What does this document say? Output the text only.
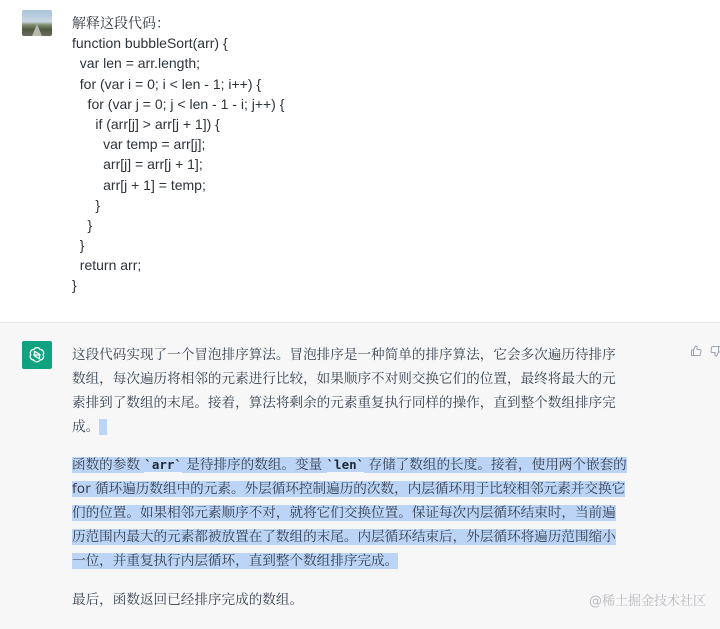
解释这段代码：
function bubbleSort(arr) {
var len = arr.length;
for (var i = 0; i < len - 1; i++) {
for (var j = 0; j < len - 1 - i; j++) {
if (arr[j] > arr[j + 1]) {
var temp = arr[j];
arr[j] = arr[j + 1];
arr[j + 1] = temp;
}
}
}
return arr;
}
这段代码实现了一个冒泡排序算法。冒泡排序是一种简单的排序算法，它会多次遍历待排序
数组，每次遍历将相邻的元素进行比较，如果顺序不对则交换它们的位置，最终将最大的元
素排到了数组的末尾。接着，算法将剩余的元素重复执行同样的操作，直到整个数组排序完
成。
函数的参数 `arr` 是待排序的数组。变量 `len` 存储了数组的长度。接着，使用两个嵌套的
for 循环遍历数组中的元素。外层循环控制遍历的次数，内层循环用于比较相邻元素并交换它
们的位置。如果相邻元素顺序不对，就将它们交换位置。保证每次内层循环结束时，当前遍
历范围内最大的元素都被放置在了数组的末尾。内层循环结束后，外层循环将遍历范围缩小
一位，并重复执行内层循环，直到整个数组排序完成。
最后，函数返回已经排序完成的数组。	@稀土掘金技术社区
